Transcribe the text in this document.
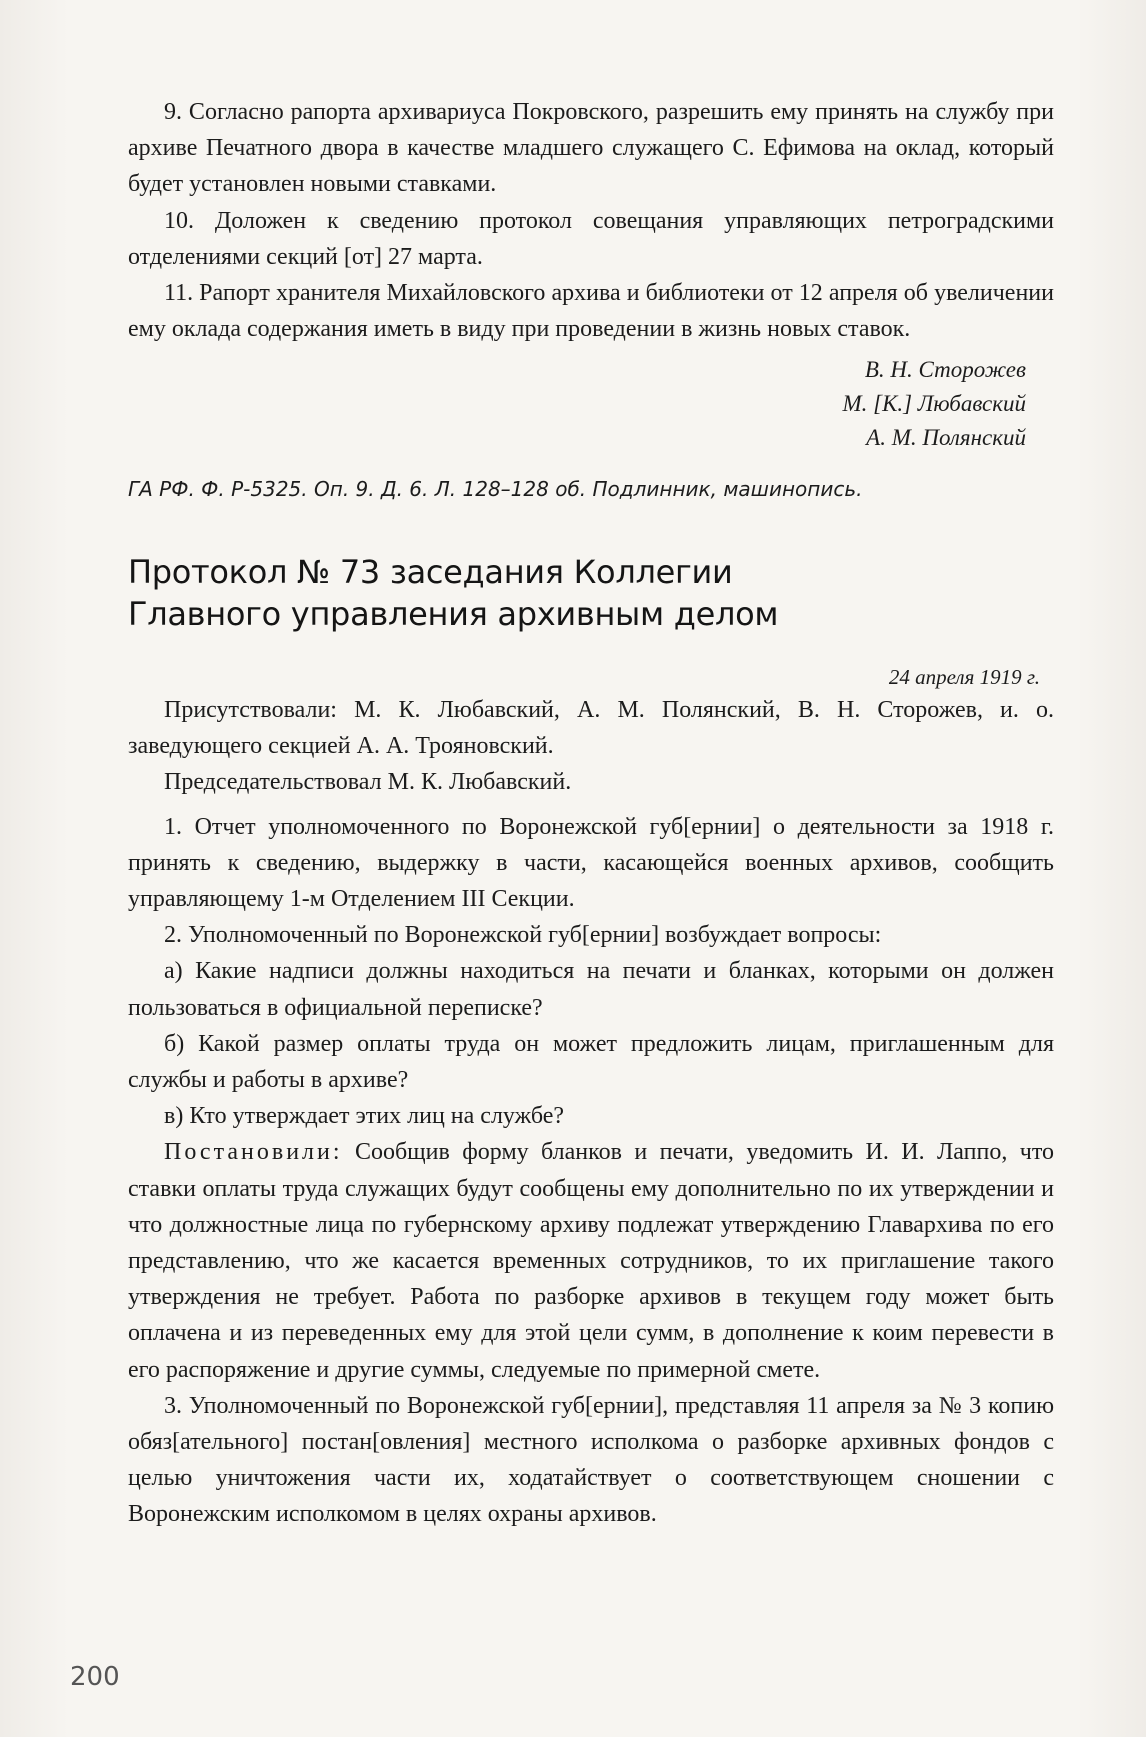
9. Согласно рапорта архивариуса Покровского, разрешить ему принять на службу при архиве Печатного двора в качестве младшего служащего С. Ефимова на оклад, который будет установлен новыми ставками.

10. Доложен к сведению протокол совещания управляющих петроградскими отделениями секций [от] 27 марта.

11. Рапорт хранителя Михайловского архива и библиотеки от 12 апреля об увеличении ему оклада содержания иметь в виду при проведении в жизнь новых ставок.

В. Н. Сторожев
М. [К.] Любавский
А. М. Полянский

ГА РФ. Ф. Р-5325. Оп. 9. Д. 6. Л. 128–128 об. Подлинник, машинопись.

Протокол № 73 заседания Коллегии
Главного управления архивным делом

24 апреля 1919 г.

Присутствовали: М. К. Любавский, А. М. Полянский, В. Н. Сторожев, и. о. заведующего секцией А. А. Трояновский.

Председательствовал М. К. Любавский.

1. Отчет уполномоченного по Воронежской губ[ернии] о деятельности за 1918 г. принять к сведению, выдержку в части, касающейся военных архивов, сообщить управляющему 1-м Отделением III Секции.

2. Уполномоченный по Воронежской губ[ернии] возбуждает вопросы:

а) Какие надписи должны находиться на печати и бланках, которыми он должен пользоваться в официальной переписке?

б) Какой размер оплаты труда он может предложить лицам, приглашенным для службы и работы в архиве?

в) Кто утверждает этих лиц на службе?

Постановили: Сообщив форму бланков и печати, уведомить И. И. Лаппо, что ставки оплаты труда служащих будут сообщены ему дополнительно по их утверждении и что должностные лица по губернскому архиву подлежат утверждению Главархива по его представлению, что же касается временных сотрудников, то их приглашение такого утверждения не требует. Работа по разборке архивов в текущем году может быть оплачена и из переведенных ему для этой цели сумм, в дополнение к коим перевести в его распоряжение и другие суммы, следуемые по примерной смете.

3. Уполномоченный по Воронежской губ[ернии], представляя 11 апреля за № 3 копию обяз[ательного] постан[овления] местного исполкома о разборке архивных фондов с целью уничтожения части их, ходатайствует о соответствующем сношении с Воронежским исполкомом в целях охраны архивов.

200
